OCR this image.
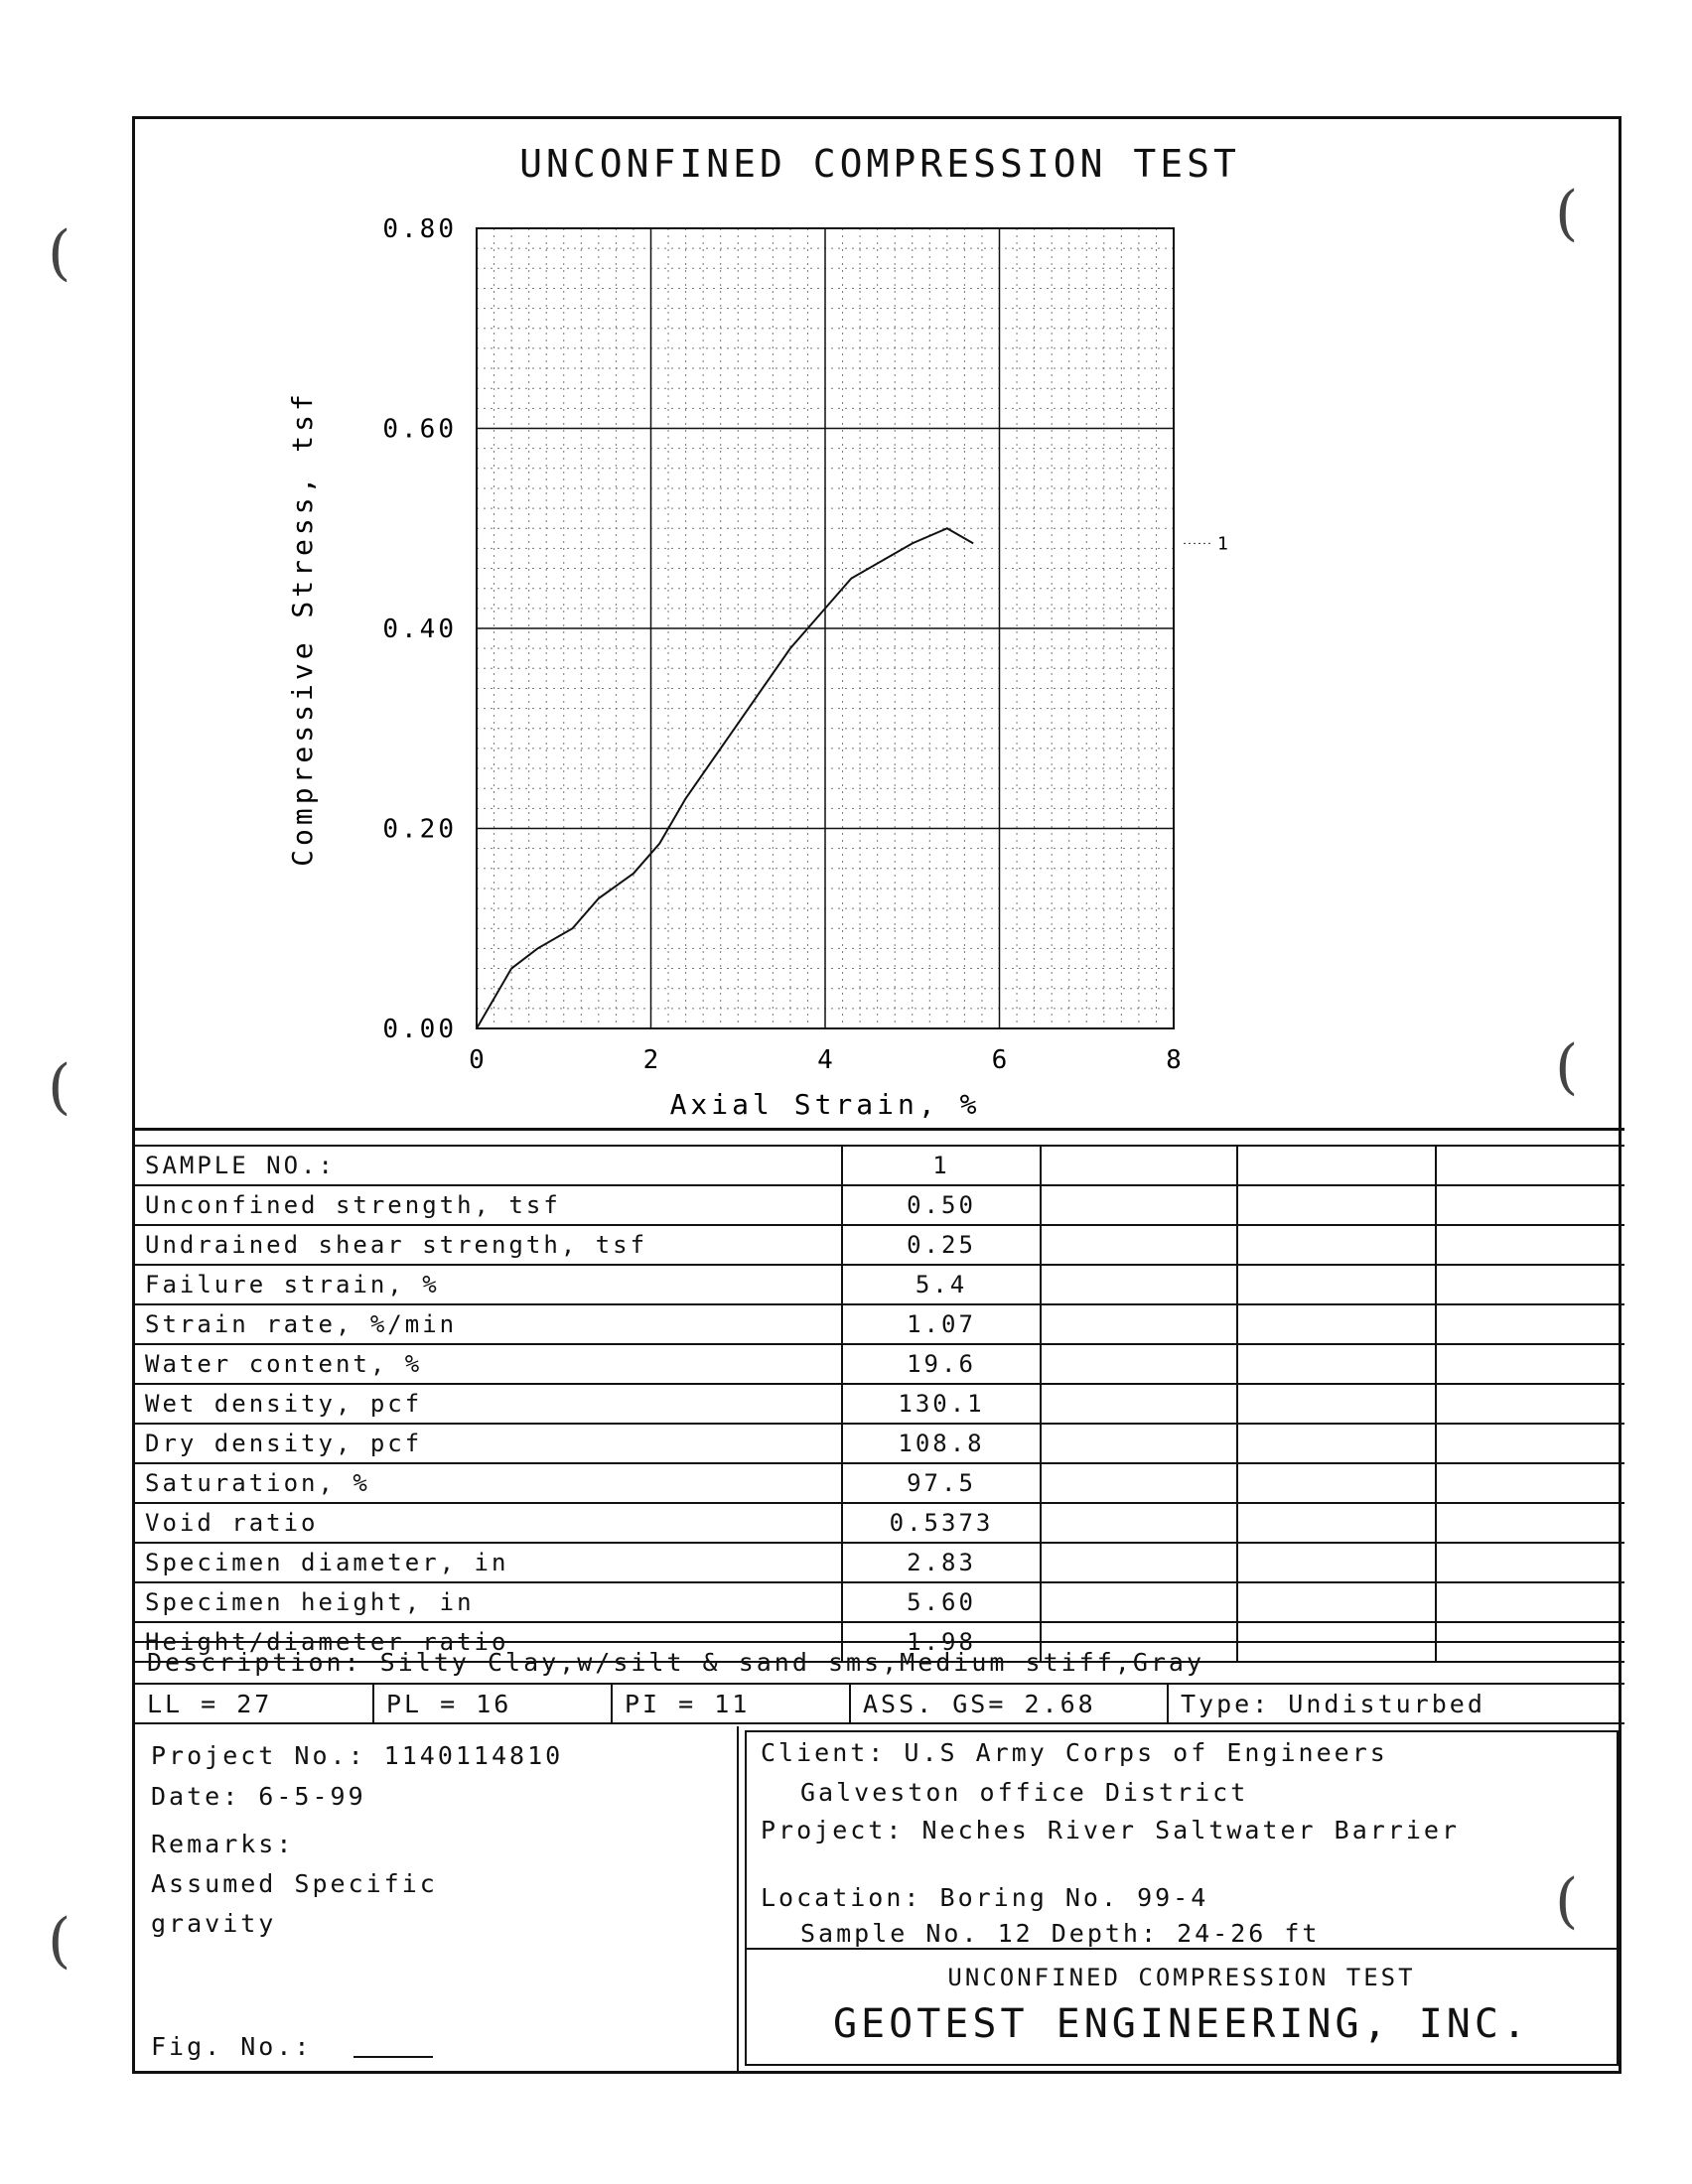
UNCONFINED COMPRESSION TEST
0	2	4	6	8
0.00
0.20
0.40
0.60
0.80
Axial Strain, %
Compressive Stress, tsf	1
SAMPLE NO.:	1			
Unconfined strength, tsf	0.50			
Undrained shear strength, tsf	0.25			
Failure strain, %	5.4			
Strain rate, %/min	1.07			
Water content, %	19.6			
Wet density, pcf	130.1			
Dry density, pcf	108.8			
Saturation, %	97.5			
Void ratio	0.5373			
Specimen diameter, in	2.83			
Specimen height, in	5.60			
Height/diameter ratio	1.98			
Description: Silty Clay,w/silt & sand sms,Medium stiff,Gray
LL = 27	PL = 16	PI = 11	ASS. GS= 2.68	Type: Undisturbed
Project No.: 1140114810
Date: 6-5-99
Remarks:
Assumed Specific
gravity
Fig. No.:
Client: U.S Army Corps of Engineers
Galveston office District
Project: Neches River Saltwater Barrier
Location: Boring No. 99-4
Sample No. 12 Depth: 24-26 ft
UNCONFINED COMPRESSION TEST
GEOTEST ENGINEERING, INC.
(
(
(
(
(
(
